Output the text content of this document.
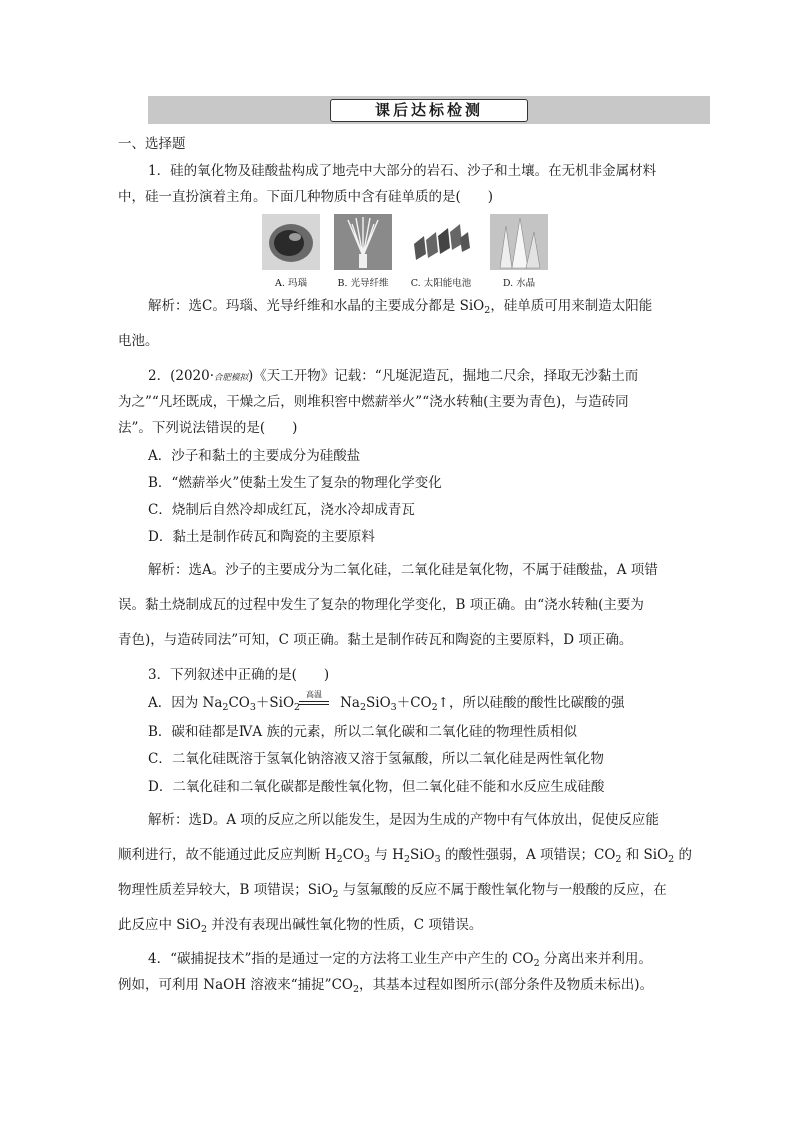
课后达标检测
一、选择题
1．硅的氧化物及硅酸盐构成了地壳中大部分的岩石、沙子和土壤。在无机非金属材料
中，硅一直扮演着主角。下面几种物质中含有硅单质的是(　　)
A. 玛瑙	B. 光导纤维	C. 太阳能电池	D. 水晶
解析：选C。玛瑙、光导纤维和水晶的主要成分都是 SiO$_2$，硅单质可用来制造太阳能
电池。
2．(2020·合肥模拟)《天工开物》记载：“凡埏泥造瓦，掘地二尺余，择取无沙黏土而
为之”“凡坯既成，干燥之后，则堆积窖中燃薪举火”“浇水转釉(主要为青色)，与造砖同
法”。下列说法错误的是(　　)
A．沙子和黏土的主要成分为硅酸盐
B．“燃薪举火”使黏土发生了复杂的物理化学变化
C．烧制后自然冷却成红瓦，浇水冷却成青瓦
D．黏土是制作砖瓦和陶瓷的主要原料
解析：选A。沙子的主要成分为二氧化硅，二氧化硅是氧化物，不属于硅酸盐，A 项错
误。黏土烧制成瓦的过程中发生了复杂的物理化学变化，B 项正确。由“浇水转釉(主要为
青色)，与造砖同法”可知，C 项正确。黏土是制作砖瓦和陶瓷的主要原料，D 项正确。
3．下列叙述中正确的是(　　)
A．因为 $Na_2CO_3+SiO_2$	$Na_2SiO_3+CO_2↑$，所以硅酸的酸性比碳酸的强
高温
B．碳和硅都是ⅣA 族的元素，所以二氧化碳和二氧化硅的物理性质相似
C．二氧化硅既溶于氢氧化钠溶液又溶于氢氟酸，所以二氧化硅是两性氧化物
D．二氧化硅和二氧化碳都是酸性氧化物，但二氧化硅不能和水反应生成硅酸
解析：选D。A 项的反应之所以能发生，是因为生成的产物中有气体放出，促使反应能
顺利进行，故不能通过此反应判断 $H_2CO_3$ 与 $H_2SiO_3$ 的酸性强弱，A 项错误；$CO_2$ 和 SiO$_2$ 的
物理性质差异较大，B 项错误；SiO$_2$ 与氢氟酸的反应不属于酸性氧化物与一般酸的反应，在
此反应中 SiO$_2$ 并没有表现出碱性氧化物的性质，C 项错误。
4．“碳捕捉技术”指的是通过一定的方法将工业生产中产生的 $CO_2$ 分离出来并利用。
例如，可利用 NaOH 溶液来“捕捉$”CO_2$，其基本过程如图所示(部分条件及物质未标出)。
